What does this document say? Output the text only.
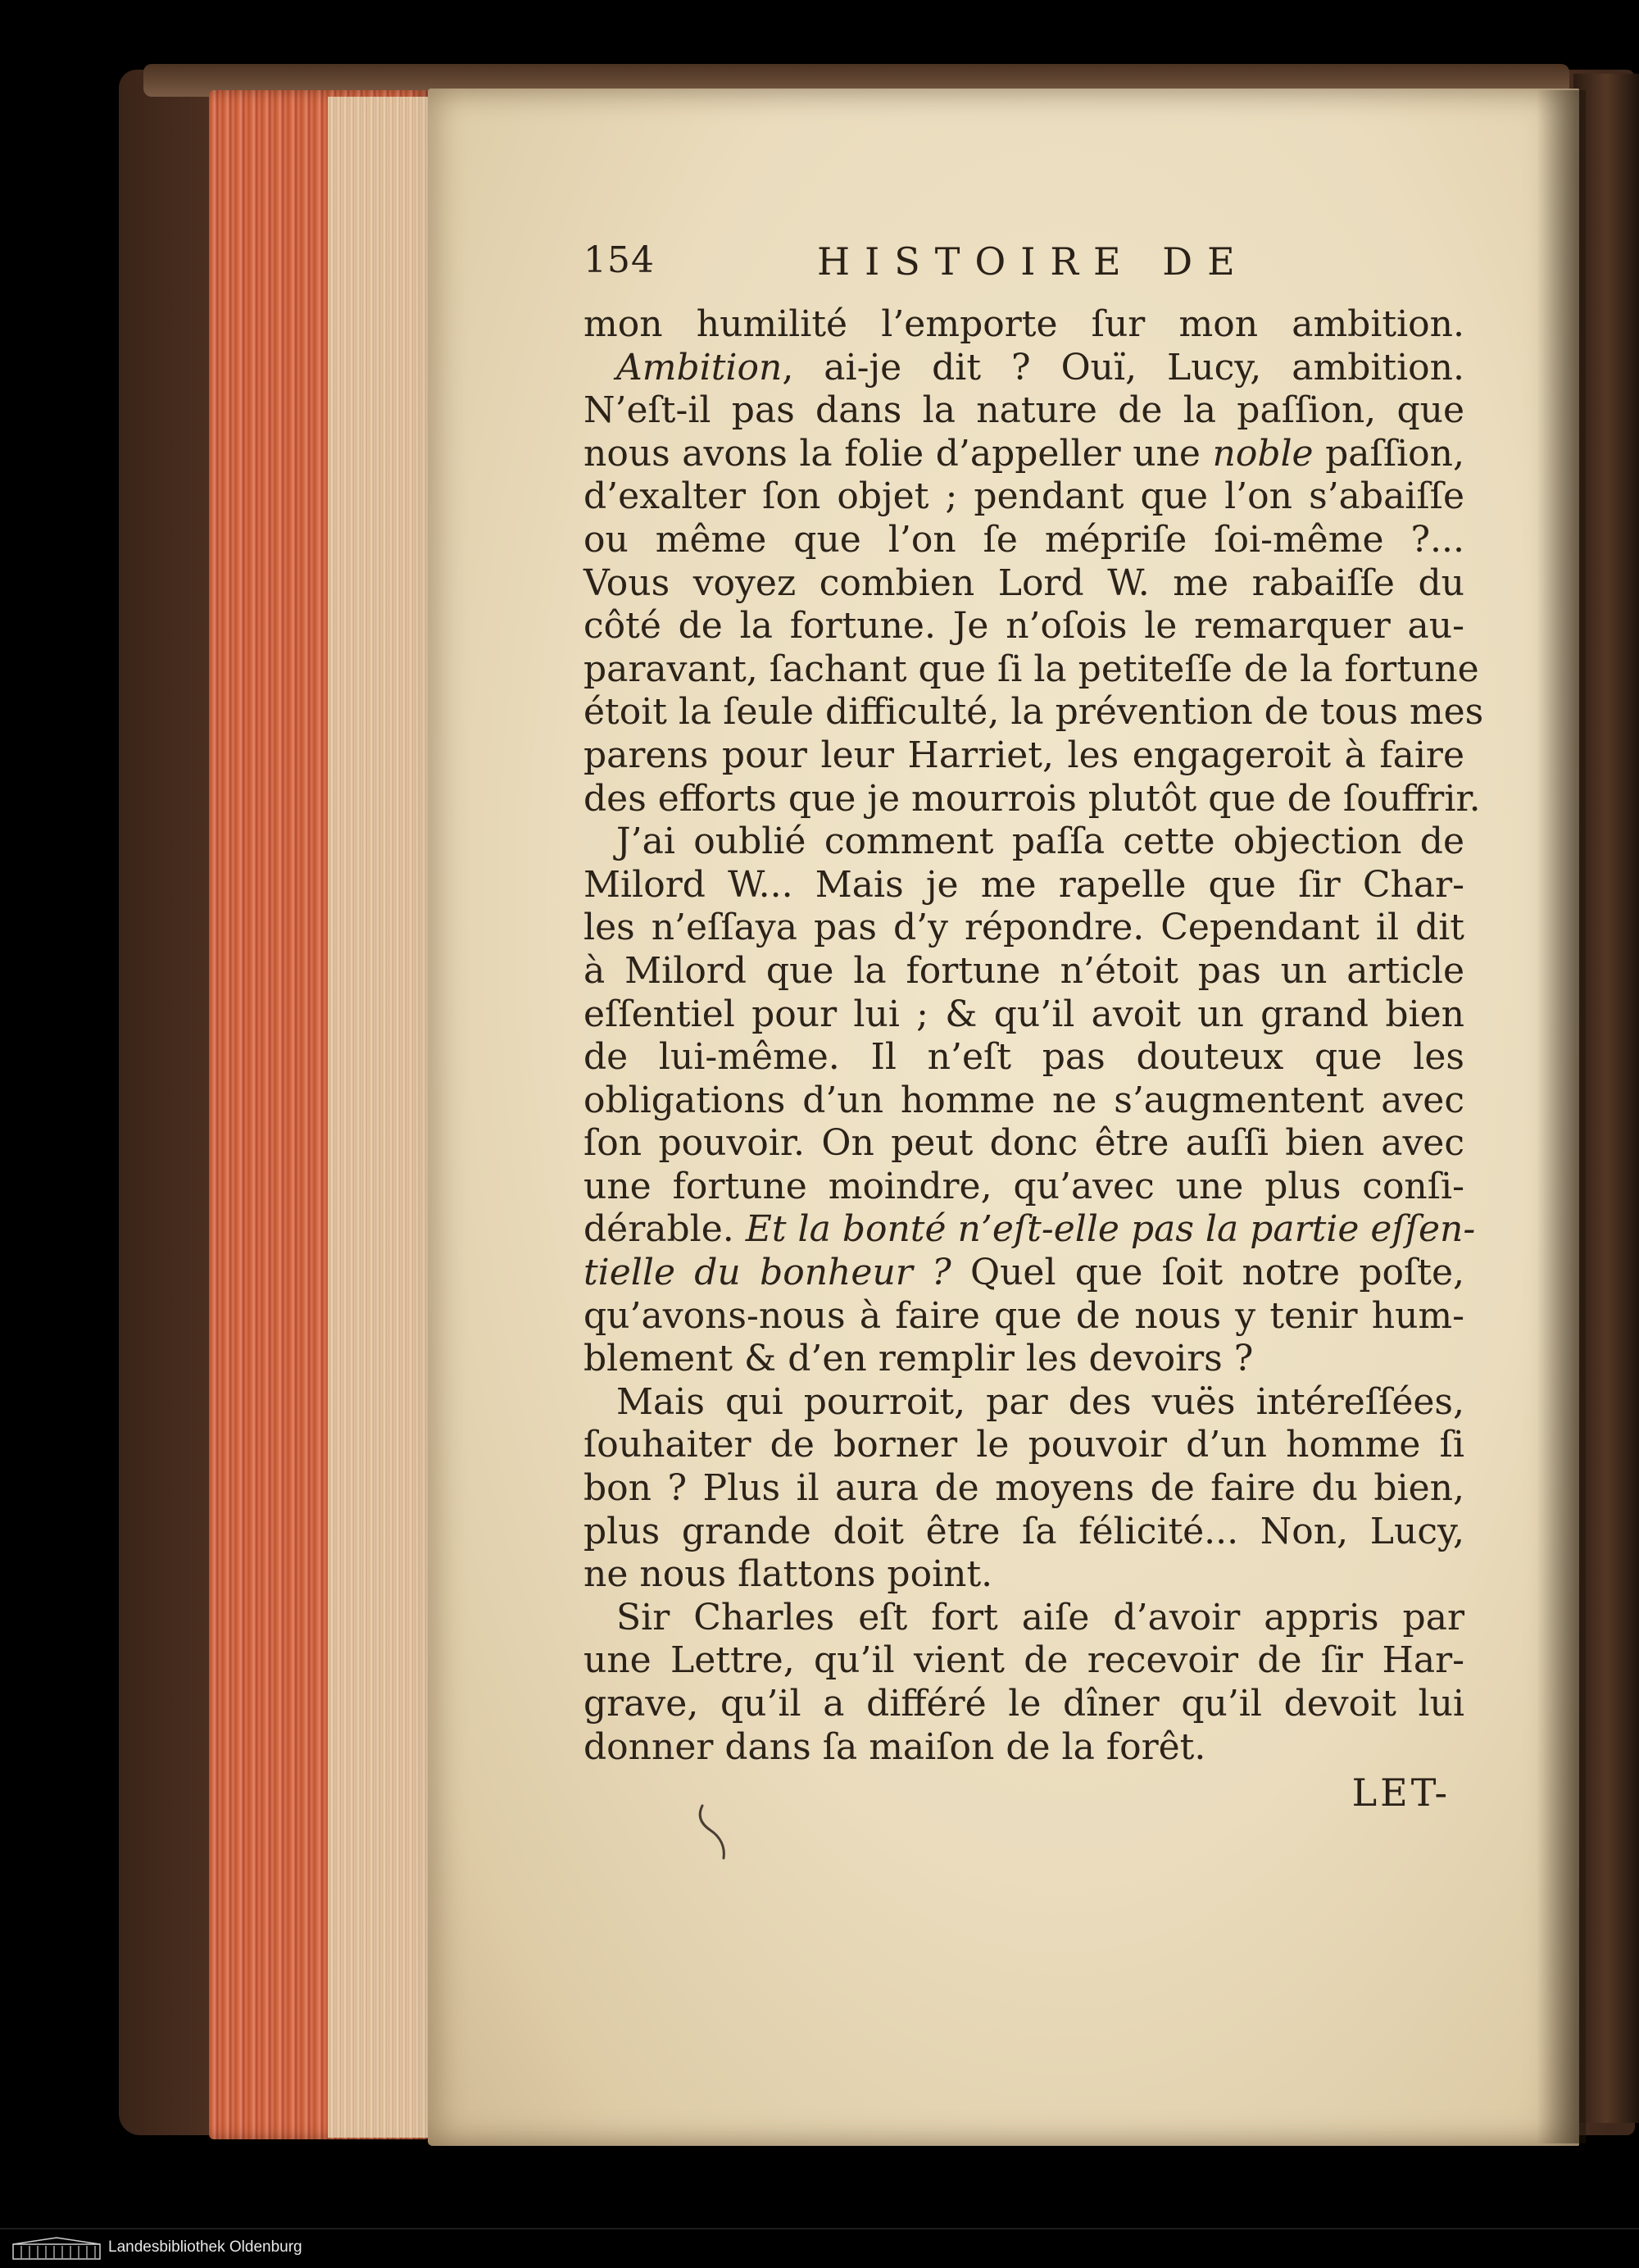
154	HISTOIRE DE
mon humilité l’emporte ſur mon ambition.
Ambition, ai-je dit ? Ouï, Lucy, ambition.
N’eſt-il pas dans la nature de la paſſion, que
nous avons la folie d’appeller une noble paſſion,
d’exalter ſon objet ; pendant que l’on s’abaiſſe
ou même que l’on ſe mépriſe ſoi-même ?...
Vous voyez combien Lord W. me rabaiſſe du
côté de la fortune. Je n’oſois le remarquer au-
paravant, ſachant que ſi la petiteſſe de la fortune
étoit la ſeule difficulté, la prévention de tous mes
parens pour leur Harriet, les engageroit à faire
des efforts que je mourrois plutôt que de ſouffrir.
J’ai oublié comment paſſa cette objection de
Milord W... Mais je me rapelle que ſir Char-
les n’eſſaya pas d’y répondre. Cependant il dit
à Milord que la fortune n’étoit pas un article
eſſentiel pour lui ; & qu’il avoit un grand bien
de lui-même. Il n’eſt pas douteux que les
obligations d’un homme ne s’augmentent avec
ſon pouvoir. On peut donc être auſſi bien avec
une fortune moindre, qu’avec une plus conſi-
dérable. Et la bonté n’eſt-elle pas la partie eſſen-
tielle du bonheur ? Quel que ſoit notre poſte,
qu’avons-nous à faire que de nous y tenir hum-
blement & d’en remplir les devoirs ?
Mais qui pourroit, par des vuës intéreſſées,
ſouhaiter de borner le pouvoir d’un homme ſi
bon ? Plus il aura de moyens de faire du bien,
plus grande doit être ſa félicité... Non, Lucy,
ne nous flattons point.
Sir Charles eſt fort aiſe d’avoir appris par
une Lettre, qu’il vient de recevoir de ſir Har-
grave, qu’il a différé le dîner qu’il devoit lui
donner dans ſa maiſon de la forêt.
LET-
Landesbibliothek Oldenburg
